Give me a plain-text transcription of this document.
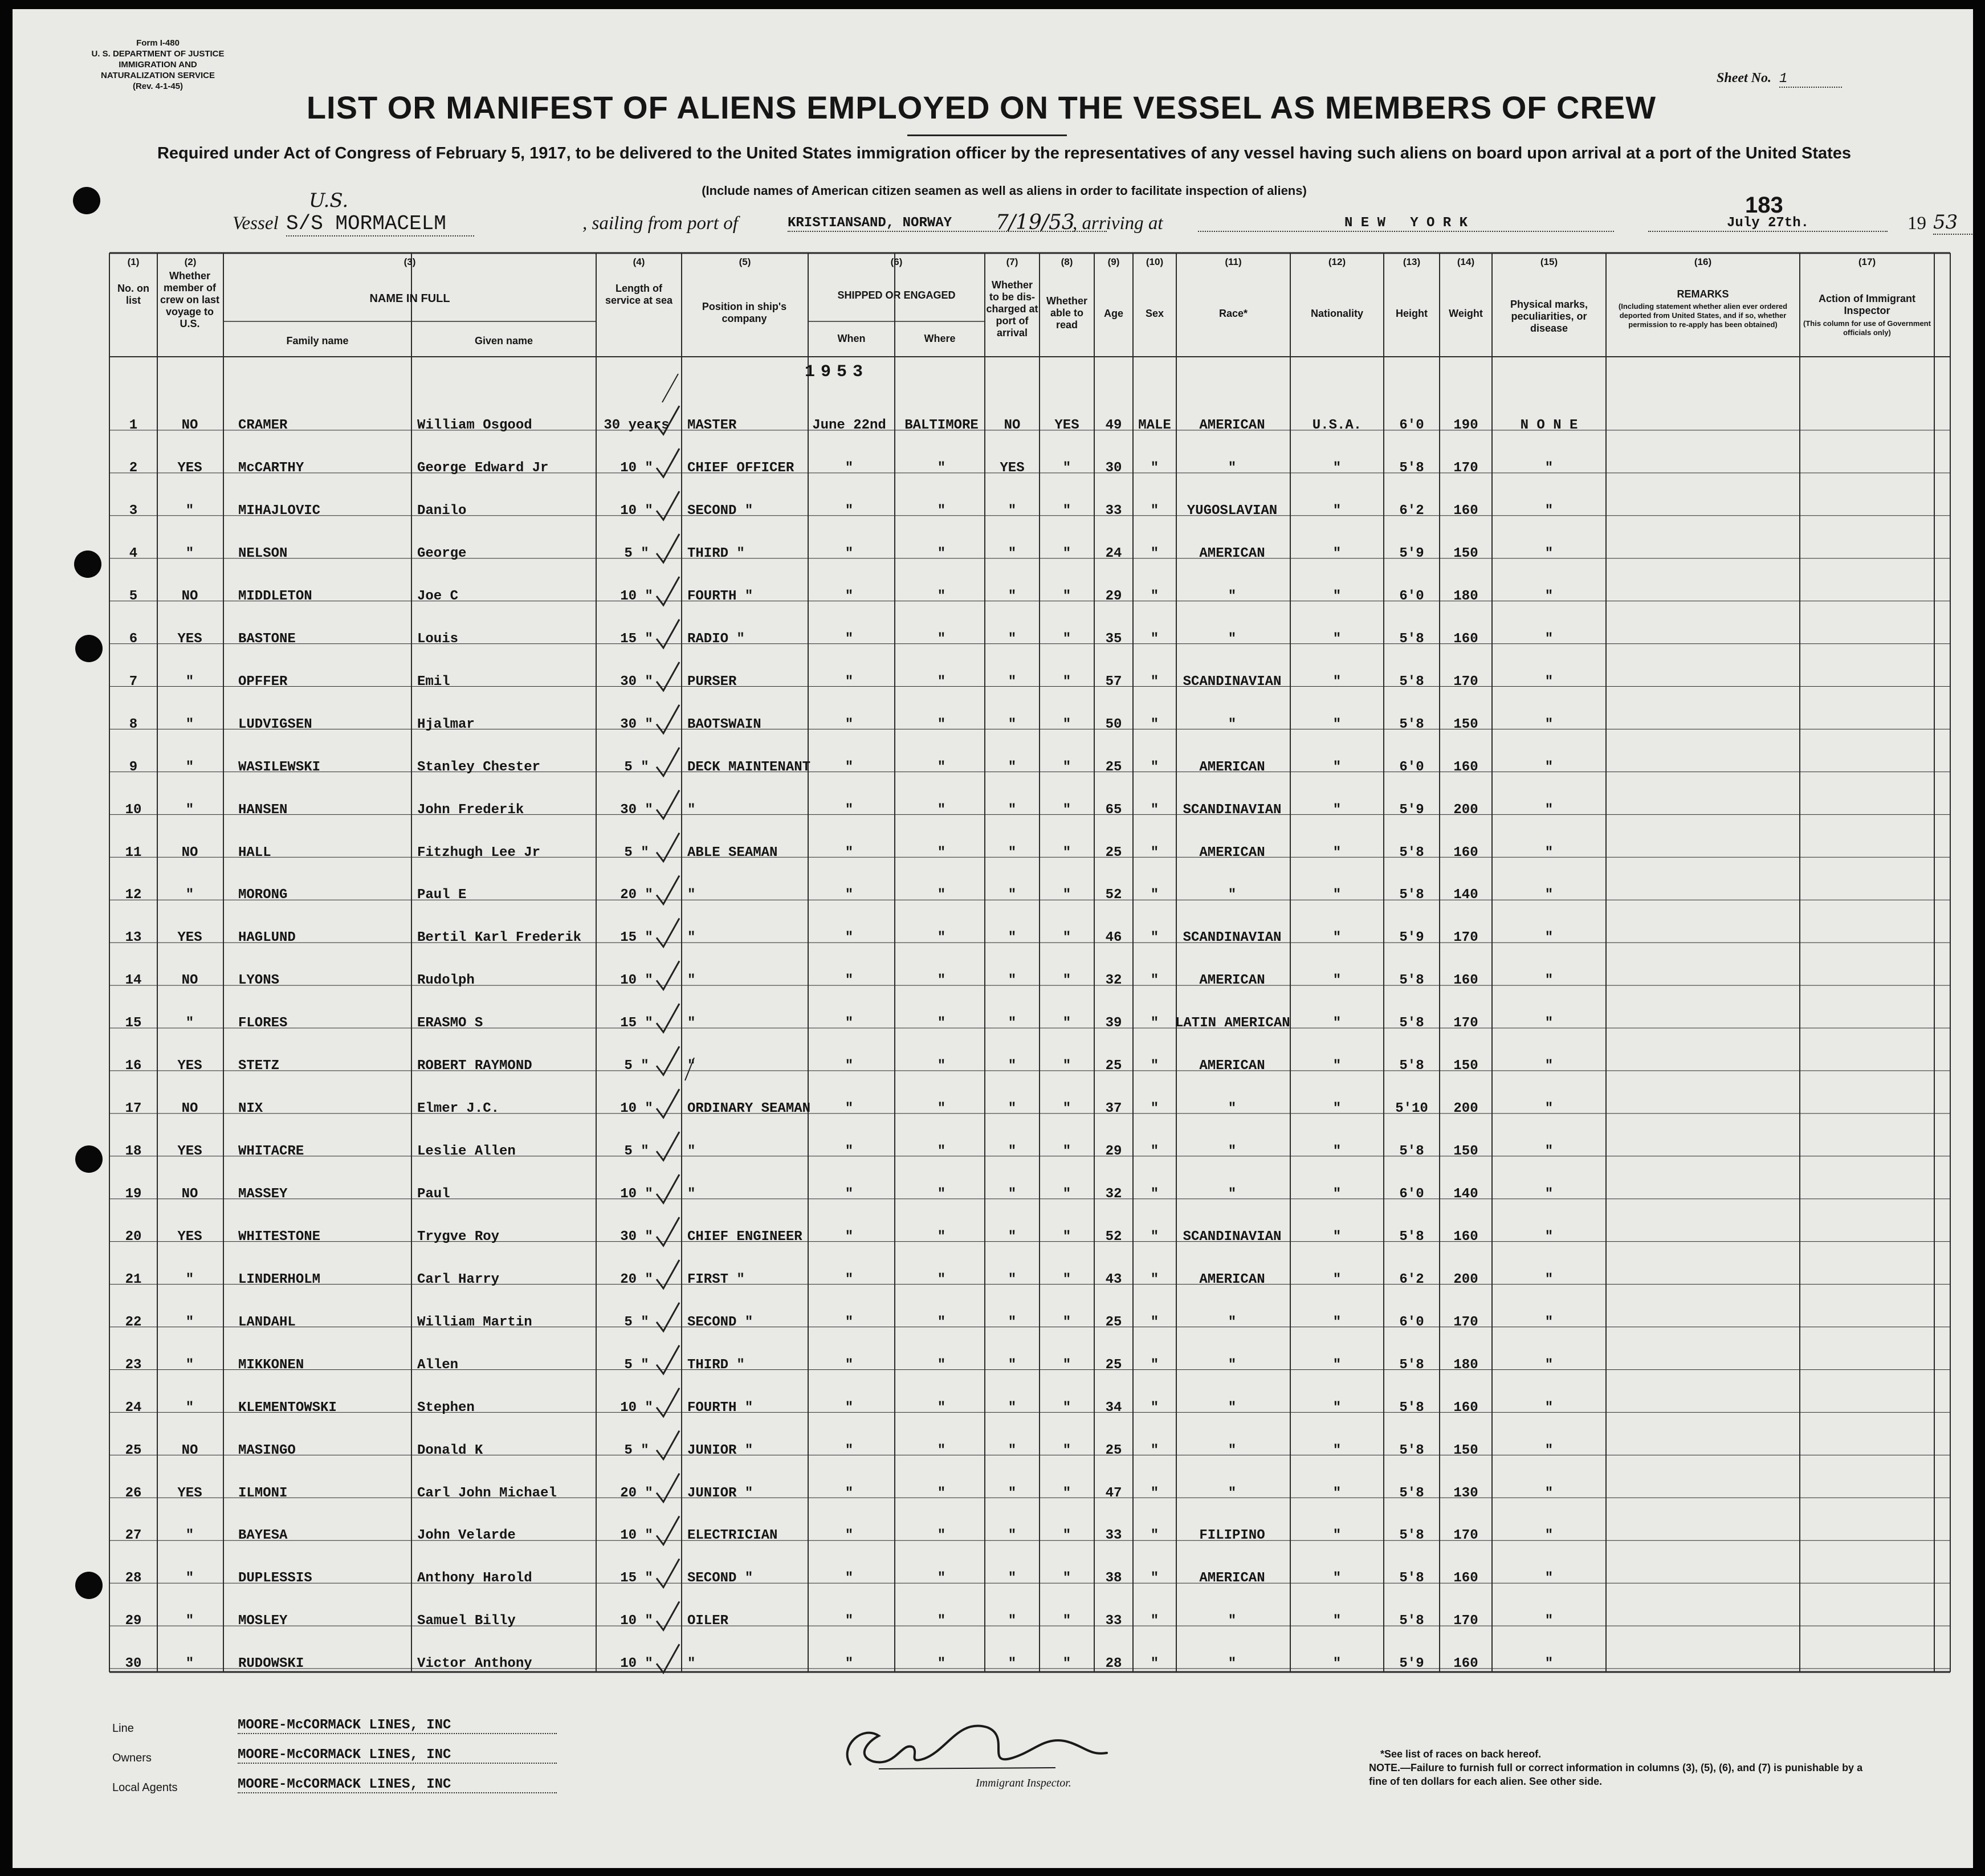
Form I-480
U. S. DEPARTMENT OF JUSTICE
IMMIGRATION AND NATURALIZATION SERVICE
(Rev. 4-1-45)
Sheet No. 1
LIST OR MANIFEST OF ALIENS EMPLOYED ON THE VESSEL AS MEMBERS OF CREW
Required under Act of Congress of February 5, 1917, to be delivered to the United States immigration officer by the representatives of any vessel having such aliens on board upon arrival at a port of the United States
(Include names of American citizen seamen as well as aliens in order to facilitate inspection of aliens)
183
Vessel
U.S.
S/S MORMACELM	, sailing from port of	KRISTIANSAND, NORWAY	7/19/53
, arriving at	N E W   Y O R K	July 27th.	19 53
(1)	(2)	(3)	(4)	(5)	(6)	(7)	(8)	(9)	(10)	(11)	(12)	(13)	(14)	(15)	(16)	(17)
No. on list
Whether member of crew on last voyage to U.S.
NAME IN FULL
Family name	Given name
Length of service at sea
Position in ship's company
SHIPPED OR ENGAGED
When	Where
Whether to be dis-charged at port of arrival
Whether able to read
Age	Sex	Race*	Nationality	Height	Weight
Physical marks, peculiarities, or disease
REMARKS
(Including statement whether alien ever ordered deported from United States, and if so, whether permission to re-apply has been obtained)
Action of Immigrant Inspector
(This column for use of Government officials only)
1953
1	NO	CRAMER	William Osgood	30 years	MASTER	June 22nd	BALTIMORE	NO	YES	49	MALE	AMERICAN	U.S.A.	6'0	190	N O N E
2	YES	McCARTHY	George Edward Jr	10 "	CHIEF OFFICER	"	"	YES	"	30	"	"	"	5'8	170	"
3	"	MIHAJLOVIC	Danilo	10 "	SECOND "	"	"	"	"	33	"	YUGOSLAVIAN	"	6'2	160	"
4	"	NELSON	George	5 "	THIRD "	"	"	"	"	24	"	AMERICAN	"	5'9	150	"
5	NO	MIDDLETON	Joe C	10 "	FOURTH "	"	"	"	"	29	"	"	"	6'0	180	"
6	YES	BASTONE	Louis	15 "	RADIO "	"	"	"	"	35	"	"	"	5'8	160	"
7	"	OPFFER	Emil	30 "	PURSER	"	"	"	"	57	"	SCANDINAVIAN	"	5'8	170	"
8	"	LUDVIGSEN	Hjalmar	30 "	BAOTSWAIN	"	"	"	"	50	"	"	"	5'8	150	"
9	"	WASILEWSKI	Stanley Chester	5 "	DECK MAINTENANT	"	"	"	"	25	"	AMERICAN	"	6'0	160	"
10	"	HANSEN	John Frederik	30 "	"	"	"	"	"	65	"	SCANDINAVIAN	"	5'9	200	"
11	NO	HALL	Fitzhugh Lee Jr	5 "	ABLE SEAMAN	"	"	"	"	25	"	AMERICAN	"	5'8	160	"
12	"	MORONG	Paul E	20 "	"	"	"	"	"	52	"	"	"	5'8	140	"
13	YES	HAGLUND	Bertil Karl Frederik	15 "	"	"	"	"	"	46	"	SCANDINAVIAN	"	5'9	170	"
14	NO	LYONS	Rudolph	10 "	"	"	"	"	"	32	"	AMERICAN	"	5'8	160	"
15	"	FLORES	ERASMO S	15 "	"	"	"	"	"	39	"	LATIN AMERICAN	"	5'8	170	"
16	YES	STETZ	ROBERT RAYMOND	5 "	"	"	"	"	"	25	"	AMERICAN	"	5'8	150	"
17	NO	NIX	Elmer J.C.	10 "	ORDINARY SEAMAN	"	"	"	"	37	"	"	"	5'10	200	"
18	YES	WHITACRE	Leslie Allen	5 "	"	"	"	"	"	29	"	"	"	5'8	150	"
19	NO	MASSEY	Paul	10 "	"	"	"	"	"	32	"	"	"	6'0	140	"
20	YES	WHITESTONE	Trygve Roy	30 "	CHIEF ENGINEER	"	"	"	"	52	"	SCANDINAVIAN	"	5'8	160	"
21	"	LINDERHOLM	Carl Harry	20 "	FIRST "	"	"	"	"	43	"	AMERICAN	"	6'2	200	"
22	"	LANDAHL	William Martin	5 "	SECOND "	"	"	"	"	25	"	"	"	6'0	170	"
23	"	MIKKONEN	Allen	5 "	THIRD "	"	"	"	"	25	"	"	"	5'8	180	"
24	"	KLEMENTOWSKI	Stephen	10 "	FOURTH "	"	"	"	"	34	"	"	"	5'8	160	"
25	NO	MASINGO	Donald K	5 "	JUNIOR "	"	"	"	"	25	"	"	"	5'8	150	"
26	YES	ILMONI	Carl John Michael	20 "	JUNIOR "	"	"	"	"	47	"	"	"	5'8	130	"
27	"	BAYESA	John Velarde	10 "	ELECTRICIAN	"	"	"	"	33	"	FILIPINO	"	5'8	170	"
28	"	DUPLESSIS	Anthony Harold	15 "	SECOND "	"	"	"	"	38	"	AMERICAN	"	5'8	160	"
29	"	MOSLEY	Samuel Billy	10 "	OILER	"	"	"	"	33	"	"	"	5'8	170	"
30	"	RUDOWSKI	Victor Anthony	10 "	"	"	"	"	"	28	"	"	"	5'9	160	"
Line	MOORE-McCORMACK LINES, INC
Owners	MOORE-McCORMACK LINES, INC
Local Agents	MOORE-McCORMACK LINES, INC	Immigrant Inspector.
*See list of races on back hereof.
NOTE.—Failure to furnish full or correct information in columns (3), (5), (6), and (7) is punishable by a fine of ten dollars for each alien. See other side.
